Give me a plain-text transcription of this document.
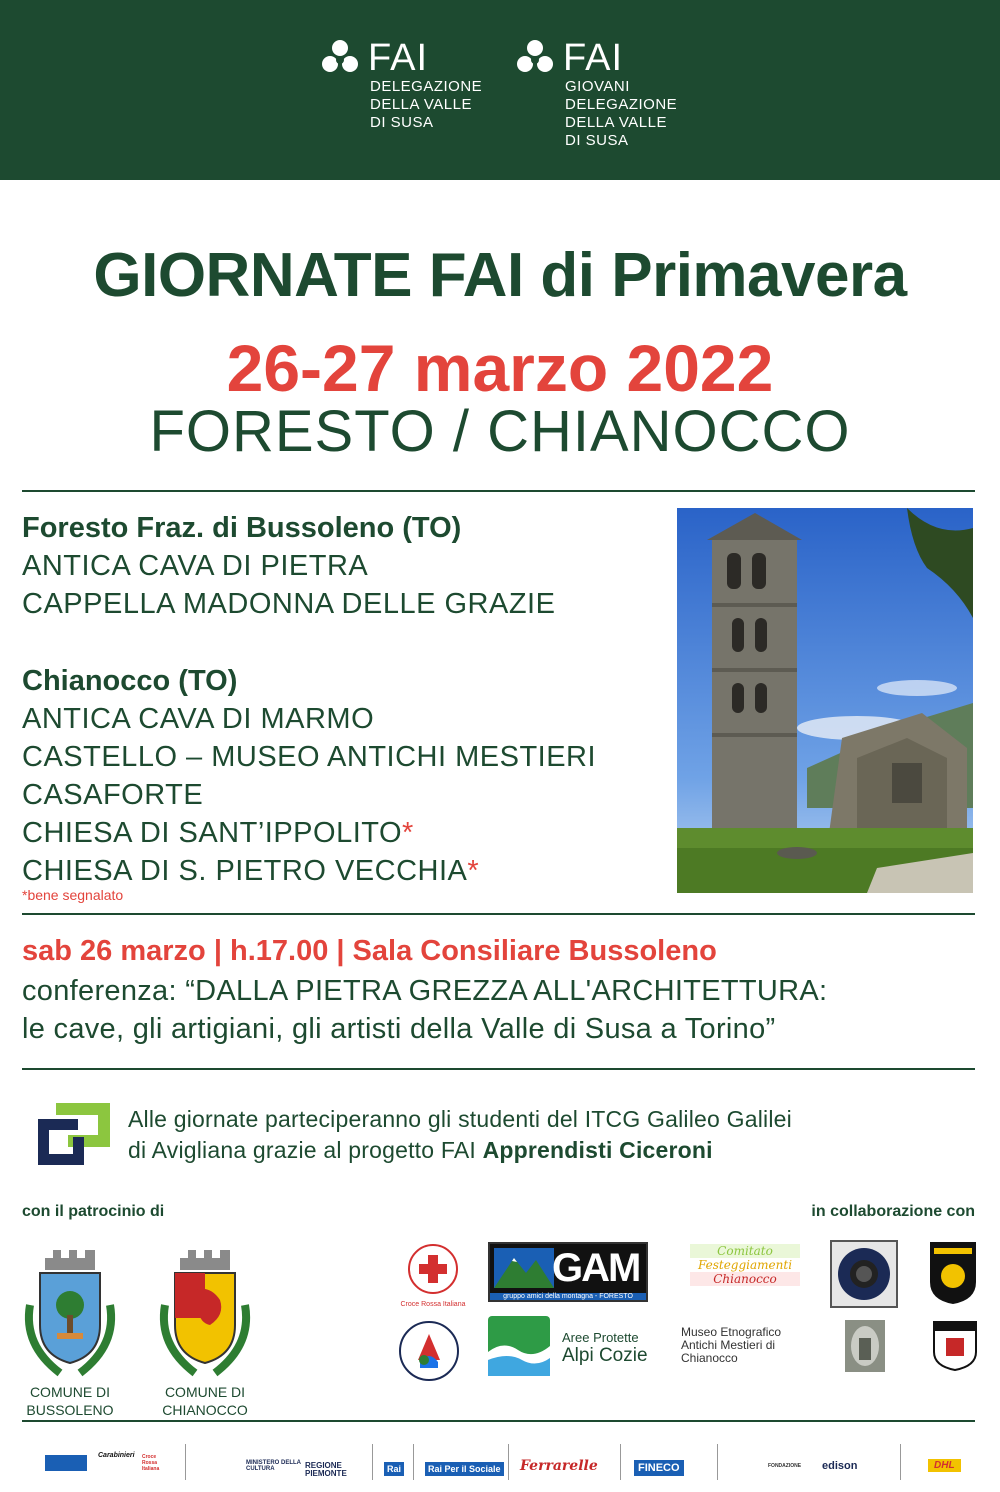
FAI
DELEGAZIONE
DELLA VALLE
DI SUSA
FAI
GIOVANI
DELEGAZIONE
DELLA VALLE
DI SUSA
GIORNATE FAI di Primavera
26-27 marzo 2022
FORESTO / CHIANOCCO
Foresto Fraz. di Bussoleno (TO)
ANTICA CAVA DI PIETRA
CAPPELLA MADONNA DELLE GRAZIE
Chianocco (TO)
ANTICA CAVA DI MARMO
CASTELLO – MUSEO ANTICHI MESTIERI
CASAFORTE
CHIESA DI SANT’IPPOLITO*
CHIESA DI S. PIETRO VECCHIA*
*bene segnalato
sab 26 marzo | h.17.00 | Sala Consiliare Bussoleno
conferenza: “DALLA PIETRA GREZZA ALL'ARCHITETTURA:
le cave, gli artigiani, gli artisti della Valle di Susa a Torino”
Alle giornate parteciperanno gli studenti del ITCG Galileo Galilei
di Avigliana grazie al progetto FAI Apprendisti Ciceroni
con il patrocinio di	in collaborazione con
COMUNE DI
BUSSOLENO
COMUNE DI
CHIANOCCO
Croce Rossa Italiana
GAM
gruppo amici della montagna - FORESTO
Comitato
Festeggiamenti
Chianocco
Aree Protette
Alpi Cozie
Museo Etnografico
Antichi Mestieri di
Chianocco
Carabinieri Croce Rossa Italiana
MINISTERO DELLA CULTURA	REGIONE PIEMONTE	Rai	Rai Per il Sociale Ferrarelle	FINECO	FONDAZIONE edison	DHL
